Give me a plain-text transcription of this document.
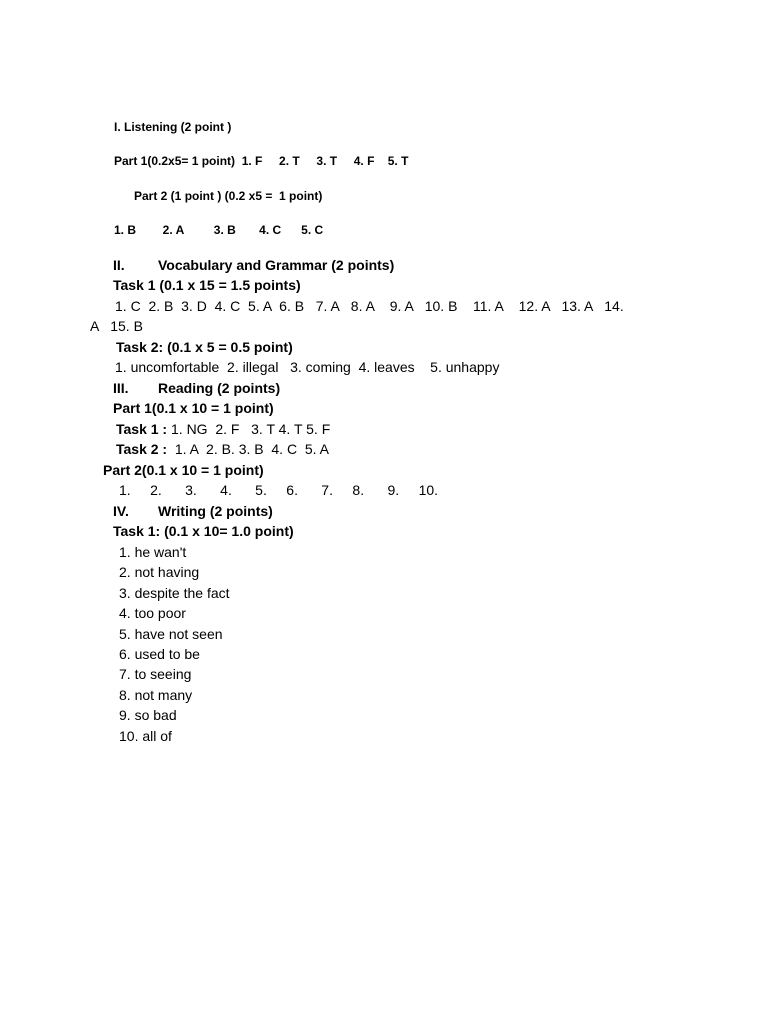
I. Listening (2 point )
Part 1(0.2x5= 1 point)  1. F     2. T     3. T     4. F    5. T
Part 2 (1 point ) (0.2 x5 =  1 point)
1. B        2. A         3. B       4. C      5. C
II. Vocabulary and Grammar (2 points)
Task 1 (0.1 x 15 = 1.5 points)
1. C  2. B  3. D  4. C  5. A  6. B   7. A   8. A    9. A   10. B    11. A    12. A   13. A   14.
A   15. B
Task 2: (0.1 x 5 = 0.5 point)
1. uncomfortable  2. illegal   3. coming  4. leaves    5. unhappy
III. Reading (2 points)
Part 1(0.1 x 10 = 1 point)
Task 1 : 1. NG  2. F   3. T 4. T 5. F
Task 2 :  1. A  2. B. 3. B  4. C  5. A
Part 2(0.1 x 10 = 1 point)
1.     2.      3.      4.      5.     6.      7.     8.      9.     10.
IV. Writing (2 points)
Task 1: (0.1 x 10= 1.0 point)
1. he wan't
2. not having
3. despite the fact
4. too poor
5. have not seen
6. used to be
7. to seeing
8. not many
9. so bad
10. all of
